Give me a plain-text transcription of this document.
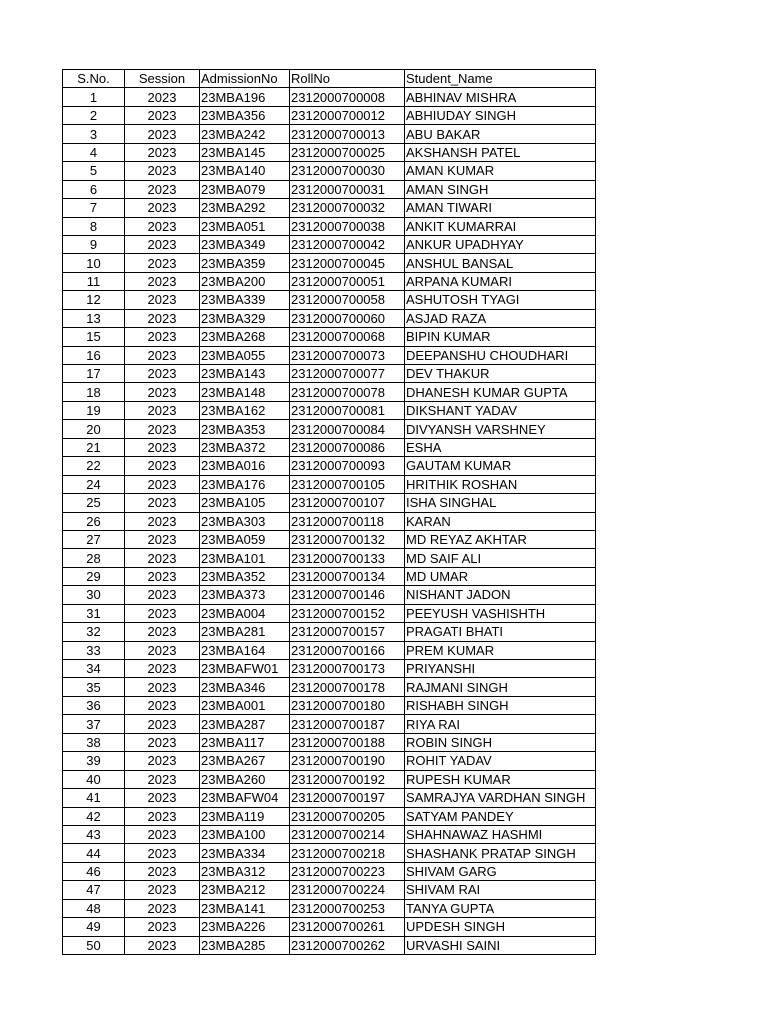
S.No.	Session	AdmissionNo	RollNo	Student_Name
1	2023	23MBA196	2312000700008	ABHINAV MISHRA
2	2023	23MBA356	2312000700012	ABHIUDAY SINGH
3	2023	23MBA242	2312000700013	ABU BAKAR
4	2023	23MBA145	2312000700025	AKSHANSH PATEL
5	2023	23MBA140	2312000700030	AMAN KUMAR
6	2023	23MBA079	2312000700031	AMAN SINGH
7	2023	23MBA292	2312000700032	AMAN TIWARI
8	2023	23MBA051	2312000700038	ANKIT KUMARRAI
9	2023	23MBA349	2312000700042	ANKUR UPADHYAY
10	2023	23MBA359	2312000700045	ANSHUL BANSAL
11	2023	23MBA200	2312000700051	ARPANA KUMARI
12	2023	23MBA339	2312000700058	ASHUTOSH TYAGI
13	2023	23MBA329	2312000700060	ASJAD RAZA
15	2023	23MBA268	2312000700068	BIPIN KUMAR
16	2023	23MBA055	2312000700073	DEEPANSHU CHOUDHARI
17	2023	23MBA143	2312000700077	DEV THAKUR
18	2023	23MBA148	2312000700078	DHANESH KUMAR GUPTA
19	2023	23MBA162	2312000700081	DIKSHANT YADAV
20	2023	23MBA353	2312000700084	DIVYANSH VARSHNEY
21	2023	23MBA372	2312000700086	ESHA
22	2023	23MBA016	2312000700093	GAUTAM KUMAR
24	2023	23MBA176	2312000700105	HRITHIK ROSHAN
25	2023	23MBA105	2312000700107	ISHA SINGHAL
26	2023	23MBA303	2312000700118	KARAN
27	2023	23MBA059	2312000700132	MD REYAZ AKHTAR
28	2023	23MBA101	2312000700133	MD SAIF ALI
29	2023	23MBA352	2312000700134	MD UMAR
30	2023	23MBA373	2312000700146	NISHANT JADON
31	2023	23MBA004	2312000700152	PEEYUSH VASHISHTH
32	2023	23MBA281	2312000700157	PRAGATI BHATI
33	2023	23MBA164	2312000700166	PREM KUMAR
34	2023	23MBAFW01	2312000700173	PRIYANSHI
35	2023	23MBA346	2312000700178	RAJMANI SINGH
36	2023	23MBA001	2312000700180	RISHABH SINGH
37	2023	23MBA287	2312000700187	RIYA RAI
38	2023	23MBA117	2312000700188	ROBIN SINGH
39	2023	23MBA267	2312000700190	ROHIT YADAV
40	2023	23MBA260	2312000700192	RUPESH KUMAR
41	2023	23MBAFW04	2312000700197	SAMRAJYA VARDHAN SINGH
42	2023	23MBA119	2312000700205	SATYAM PANDEY
43	2023	23MBA100	2312000700214	SHAHNAWAZ HASHMI
44	2023	23MBA334	2312000700218	SHASHANK PRATAP SINGH
46	2023	23MBA312	2312000700223	SHIVAM GARG
47	2023	23MBA212	2312000700224	SHIVAM RAI
48	2023	23MBA141	2312000700253	TANYA GUPTA
49	2023	23MBA226	2312000700261	UPDESH SINGH
50	2023	23MBA285	2312000700262	URVASHI SAINI
